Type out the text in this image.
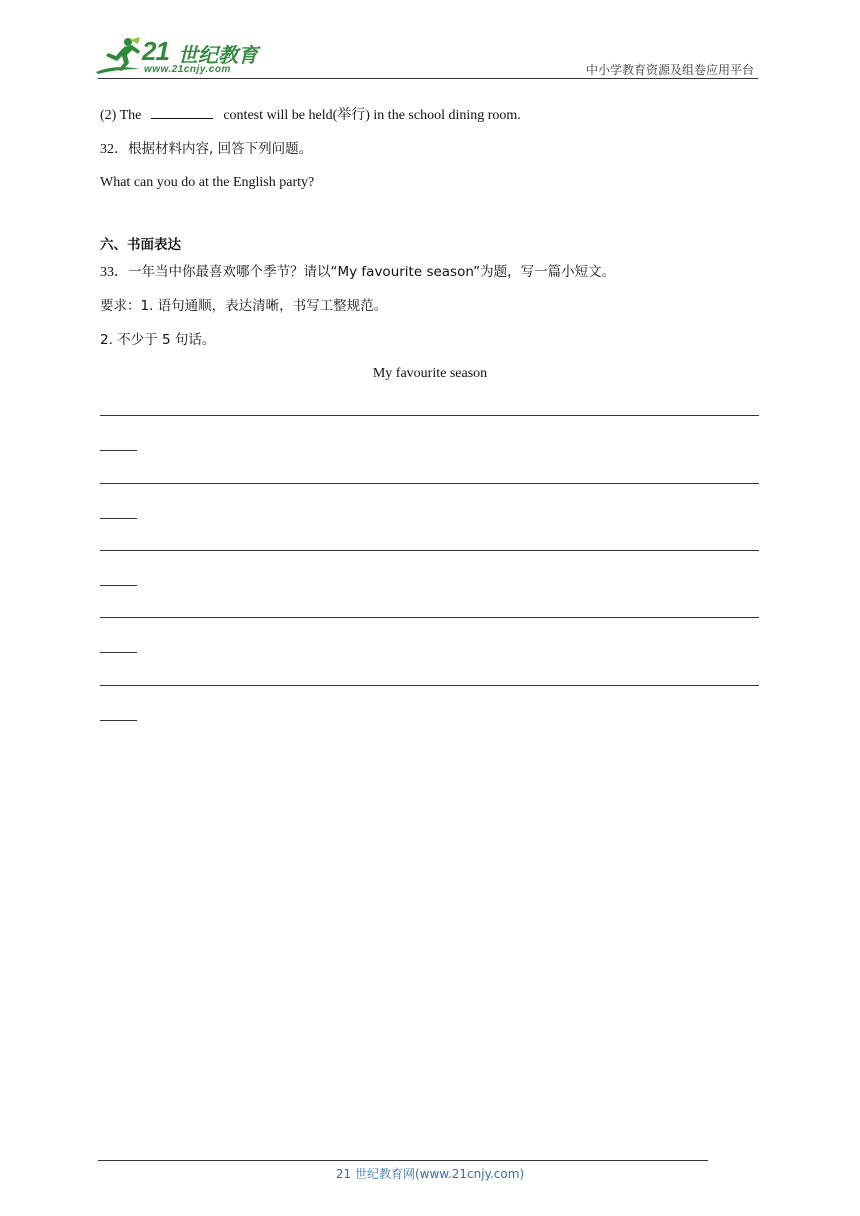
21 世纪教育
www.21cnjy.com	中小学教育资源及组卷应用平台
(2) The	contest will be held(举行) in the school dining room.
32．根据材料内容, 回答下列问题。
What can you do at the English party?
六、书面表达
33．一年当中你最喜欢哪个季节？请以“My favourite season”为题，写一篇小短文。
要求：1. 语句通顺，表达清晰，书写工整规范。
2. 不少于 5 句话。
My favourite season
21 世纪教育网(www.21cnjy.com)
